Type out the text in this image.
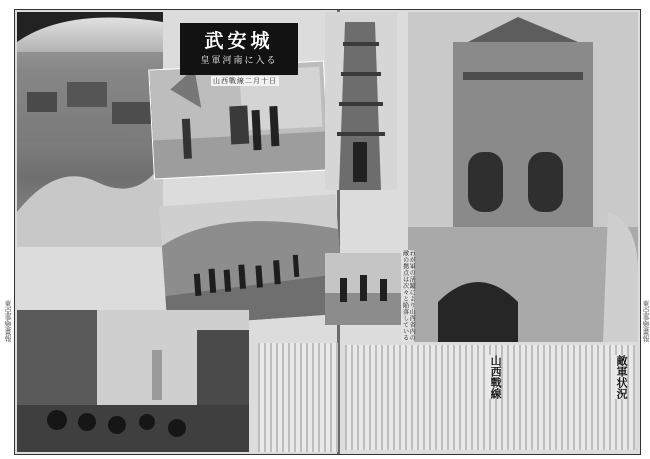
武安城
皇軍河南に入る
山西戰線二月十日
山西戰線	敵軍状況
わが軍の活躍により山西省内の敵の拠点は次々と陥落している
東亞事變畫報	東亞事變畫報
